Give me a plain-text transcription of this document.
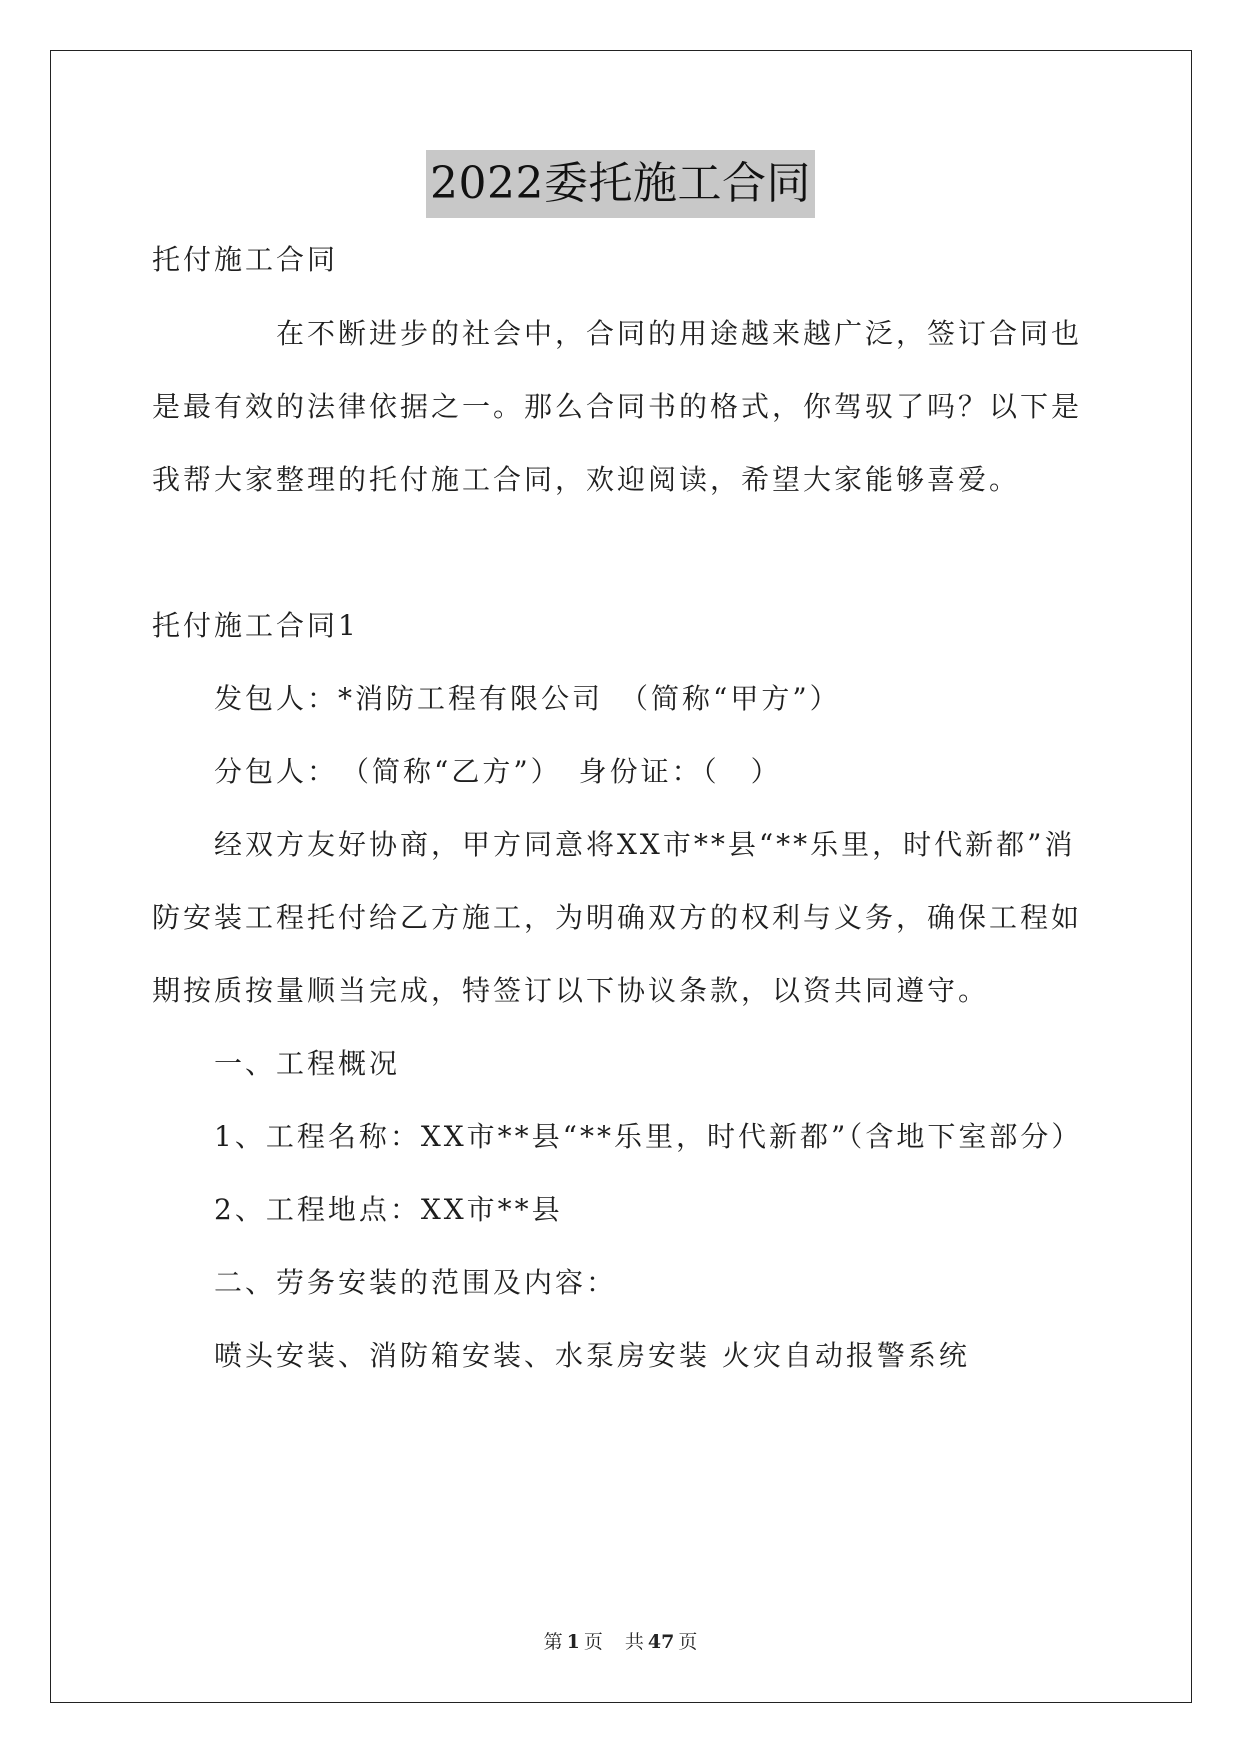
2022委托施工合同
托付施工合同
在不断进步的社会中，合同的用途越来越广泛，签订合同也
是最有效的法律依据之一。那么合同书的格式，你驾驭了吗？以下是
我帮大家整理的托付施工合同，欢迎阅读，希望大家能够喜爱。
托付施工合同1
发包人：*消防工程有限公司　（简称“甲方”）
分包人：　（简称“乙方”）　身份证：（　）
经双方友好协商，甲方同意将XX市**县“**乐里，时代新都”消
防安装工程托付给乙方施工，为明确双方的权利与义务，确保工程如
期按质按量顺当完成，特签订以下协议条款，以资共同遵守。
一、工程概况
1、工程名称：XX市**县“**乐里，时代新都”（含地下室部分）
2、工程地点：XX市**县
二、劳务安装的范围及内容：
喷头安装、消防箱安装、水泵房安装 火灾自动报警系统
第 1 页 共 47 页
